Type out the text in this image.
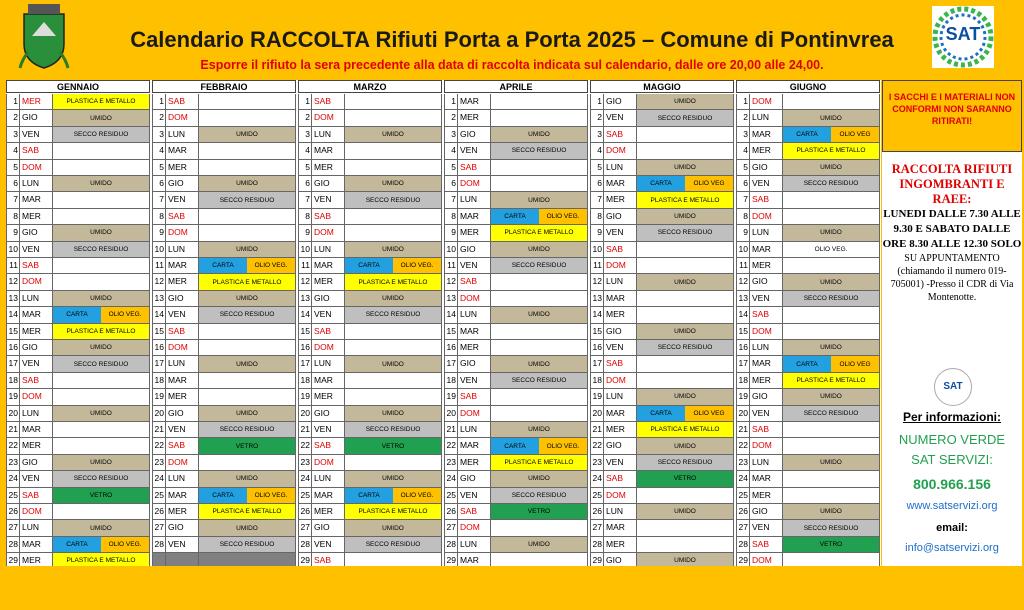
Calendario RACCOLTA Rifiuti Porta a Porta 2025 – Comune di Pontinvrea
Esporre il rifiuto la sera precedente alla data di raccolta indicata sul calendario, dalle ore 20,00 alle 24,00.
SAT
GENNAIO
1 MER	PLASTICA E METALLO
2 GIO	UMIDO
3 VEN	SECCO RESIDUO
4 SAB
5 DOM
6 LUN	UMIDO
7 MAR
8 MER
9 GIO	UMIDO
10 VEN	SECCO RESIDUO
11 SAB
12 DOM
13 LUN	UMIDO
14 MAR	CARTA	OLIO VEG.
15 MER	PLASTICA E METALLO
16 GIO	UMIDO
17 VEN	SECCO RESIDUO
18 SAB
19 DOM
20 LUN	UMIDO
21 MAR
22 MER
23 GIO	UMIDO
24 VEN	SECCO RESIDUO
25 SAB	VETRO
26 DOM
27 LUN	UMIDO
28 MAR	CARTA	OLIO VEG.
29 MER	PLASTICA E METALLO
FEBBRAIO
1 SAB
2 DOM
3 LUN	UMIDO
4 MAR
5 MER
6 GIO	UMIDO
7 VEN	SECCO RESIDUO
8 SAB
9 DOM
10 LUN	UMIDO
11 MAR	CARTA	OLIO VEG.
12 MER	PLASTICA E METALLO
13 GIO	UMIDO
14 VEN	SECCO RESIDUO
15 SAB
16 DOM
17 LUN	UMIDO
18 MAR
19 MER
20 GIO	UMIDO
21 VEN	SECCO RESIDUO
22 SAB	VETRO
23 DOM
24 LUN	UMIDO
25 MAR	CARTA	OLIO VEG.
26 MER	PLASTICA E METALLO
27 GIO	UMIDO
28 VEN	SECCO RESIDUO
MARZO
1 SAB
2 DOM
3 LUN	UMIDO
4 MAR
5 MER
6 GIO	UMIDO
7 VEN	SECCO RESIDUO
8 SAB
9 DOM
10 LUN	UMIDO
11 MAR	CARTA	OLIO VEG.
12 MER	PLASTICA E METALLO
13 GIO	UMIDO
14 VEN	SECCO RESIDUO
15 SAB
16 DOM
17 LUN	UMIDO
18 MAR
19 MER
20 GIO	UMIDO
21 VEN	SECCO RESIDUO
22 SAB	VETRO
23 DOM
24 LUN	UMIDO
25 MAR	CARTA	OLIO VEG.
26 MER	PLASTICA E METALLO
27 GIO	UMIDO
28 VEN	SECCO RESIDUO
29 SAB
APRILE
1 MAR
2 MER
3 GIO	UMIDO
4 VEN	SECCO RESIDUO
5 SAB
6 DOM
7 LUN	UMIDO
8 MAR	CARTA	OLIO VEG.
9 MER	PLASTICA E METALLO
10 GIO	UMIDO
11 VEN	SECCO RESIDUO
12 SAB
13 DOM
14 LUN	UMIDO
15 MAR
16 MER
17 GIO	UMIDO
18 VEN	SECCO RESIDUO
19 SAB
20 DOM
21 LUN	UMIDO
22 MAR	CARTA	OLIO VEG.
23 MER	PLASTICA E METALLO
24 GIO	UMIDO
25 VEN	SECCO RESIDUO
26 SAB	VETRO
27 DOM
28 LUN	UMIDO
29 MAR
MAGGIO
1 GIO	UMIDO
2 VEN	SECCO RESIDUO
3 SAB
4 DOM
5 LUN	UMIDO
6 MAR	CARTA	OLIO VEG
7 MER	PLASTICA E METALLO
8 GIO	UMIDO
9 VEN	SECCO RESIDUO
10 SAB
11 DOM
12 LUN	UMIDO
13 MAR
14 MER
15 GIO	UMIDO
16 VEN	SECCO RESIDUO
17 SAB
18 DOM
19 LUN	UMIDO
20 MAR	CARTA	OLIO VEG
21 MER	PLASTICA E METALLO
22 GIO	UMIDO
23 VEN	SECCO RESIDUO
24 SAB	VETRO
25 DOM
26 LUN	UMIDO
27 MAR
28 MER
29 GIO	UMIDO
GIUGNO
1 DOM
2 LUN	UMIDO
3 MAR	CARTA	OLIO VEG
4 MER	PLASTICA E METALLO
5 GIO	UMIDO
6 VEN	SECCO RESIDUO
7 SAB
8 DOM
9 LUN	UMIDO
10 MAR	OLIO VEG.
11 MER
12 GIO	UMIDO
13 VEN	SECCO RESIDUO
14 SAB
15 DOM
16 LUN	UMIDO
17 MAR	CARTA	OLIO VEG
18 MER	PLASTICA E METALLO
19 GIO	UMIDO
20 VEN	SECCO RESIDUO
21 SAB
22 DOM
23 LUN	UMIDO
24 MAR
25 MER
26 GIO	UMIDO
27 VEN	SECCO RESIDUO
28 SAB	VETRO
29 DOM
I SACCHI E I MATERIALI NON CONFORMI NON SARANNO RITIRATI!
RACCOLTA RIFIUTI INGOMBRANTI E RAEE:
LUNEDI DALLE 7.30 ALLE 9.30 E SABATO DALLE ORE 8.30 ALLE 12.30 SOLO
SU APPUNTAMENTO (chiamando il numero 019-705001) -Presso il CDR di Via Montenotte.
SAT
Per informazioni:
NUMERO VERDE
SAT SERVIZI:
800.966.156
www.satservizi.org
email:
info@satservizi.org
